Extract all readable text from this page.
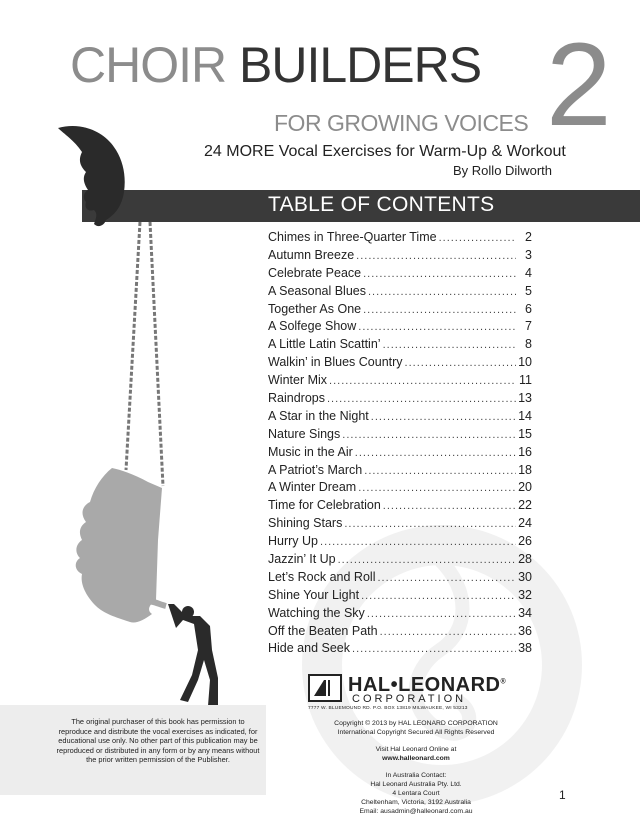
CHOIR BUILDERS 2
FOR GROWING VOICES
24 MORE Vocal Exercises for Warm-Up & Workout
By Rollo Dilworth
TABLE OF CONTENTS
Chimes in Three-Quarter Time .....	2
Autumn Breeze .....	3
Celebrate Peace .....	4
A Seasonal Blues .....	5
Together As One .....	6
A Solfege Show .....	7
A Little Latin Scattin’ .....	8
Walkin’ in Blues Country .....	10
Winter Mix .....	11
Raindrops .....	13
A Star in the Night .....	14
Nature Sings .....	15
Music in the Air .....	16
A Patriot’s March .....	18
A Winter Dream .....	20
Time for Celebration .....	22
Shining Stars .....	24
Hurry Up .....	26
Jazzin’ It Up .....	28
Let’s Rock and Roll .....	30
Shine Your Light .....	32
Watching the Sky .....	34
Off the Beaten Path .....	36
Hide and Seek .....	38
HAL•LEONARD®
CORPORATION
7777 W. BLUEMOUND RD. P.O. BOX 13819 MILWAUKEE, WI 53213

Copyright © 2013 by HAL LEONARD CORPORATION

International Copyright Secured All Rights Reserved

Visit Hal Leonard Online at

www.halleonard.com

In Australia Contact:

Hal Leonard Australia Pty. Ltd.

4 Lentara Court

Cheltenham, Victoria, 3192 Australia

Email: ausadmin@halleonard.com.au

The original purchaser of this book has permission to reproduce and distribute the vocal exercises as indicated, for educational use only. No other part of this publication may be reproduced or distributed in any form or by any means without the prior written permission of the Publisher.

1
